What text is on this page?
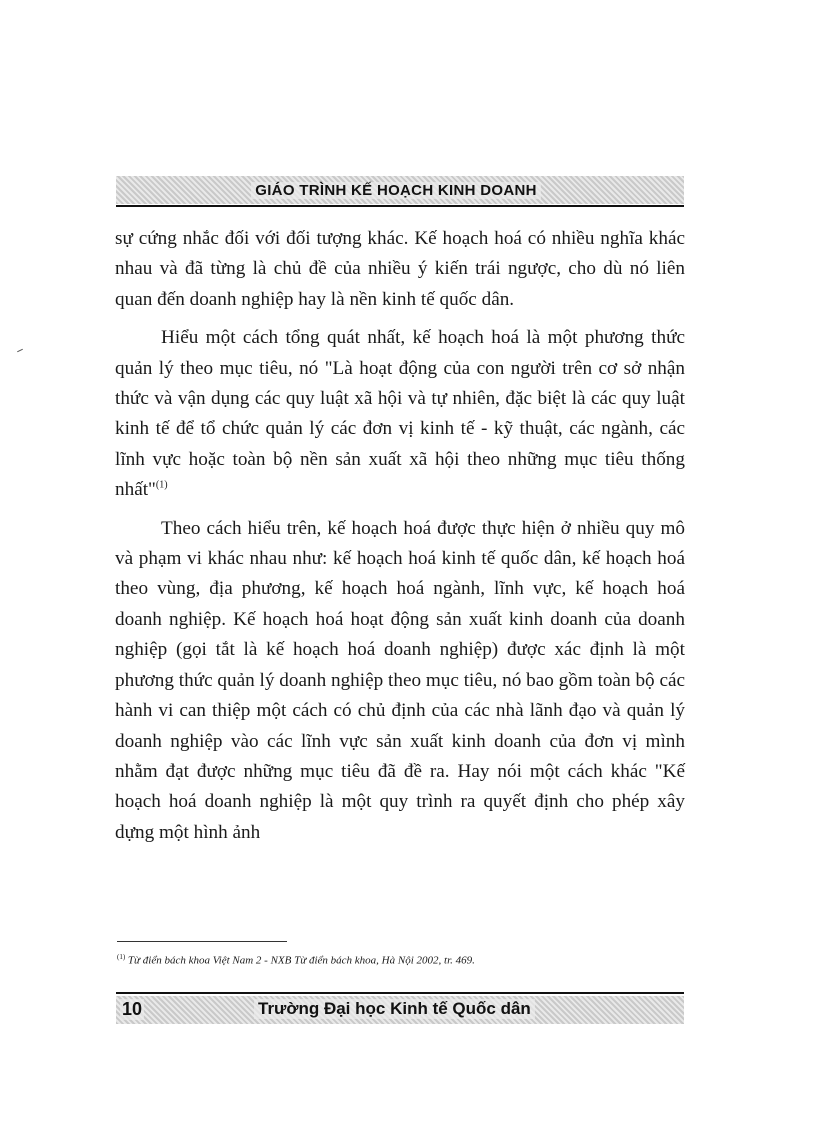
GIÁO TRÌNH KẾ HOẠCH KINH DOANH

sự cứng nhắc đối với đối tượng khác. Kế hoạch hoá có nhiều nghĩa khác nhau và đã từng là chủ đề của nhiều ý kiến trái ngược, cho dù nó liên quan đến doanh nghiệp hay là nền kinh tế quốc dân.

Hiểu một cách tổng quát nhất, kế hoạch hoá là một phương thức quản lý theo mục tiêu, nó "Là hoạt động của con người trên cơ sở nhận thức và vận dụng các quy luật xã hội và tự nhiên, đặc biệt là các quy luật kinh tế để tổ chức quản lý các đơn vị kinh tế - kỹ thuật, các ngành, các lĩnh vực hoặc toàn bộ nền sản xuất xã hội theo những mục tiêu thống nhất"$^{(1)}$

Theo cách hiểu trên, kế hoạch hoá được thực hiện ở nhiều quy mô và phạm vi khác nhau như: kế hoạch hoá kinh tế quốc dân, kế hoạch hoá theo vùng, địa phương, kế hoạch hoá ngành, lĩnh vực, kế hoạch hoá doanh nghiệp. Kế hoạch hoá hoạt động sản xuất kinh doanh của doanh nghiệp (gọi tắt là kế hoạch hoá doanh nghiệp) được xác định là một phương thức quản lý doanh nghiệp theo mục tiêu, nó bao gồm toàn bộ các hành vi can thiệp một cách có chủ định của các nhà lãnh đạo và quản lý doanh nghiệp vào các lĩnh vực sản xuất kinh doanh của đơn vị mình nhằm đạt được những mục tiêu đã đề ra. Hay nói một cách khác "Kế hoạch hoá doanh nghiệp là một quy trình ra quyết định cho phép xây dựng một hình ảnh

$^{(1)}$ Từ điển bách khoa Việt Nam 2 - NXB Từ điển bách khoa, Hà Nội 2002, tr. 469.
10	Trường Đại học Kinh tế Quốc dân
